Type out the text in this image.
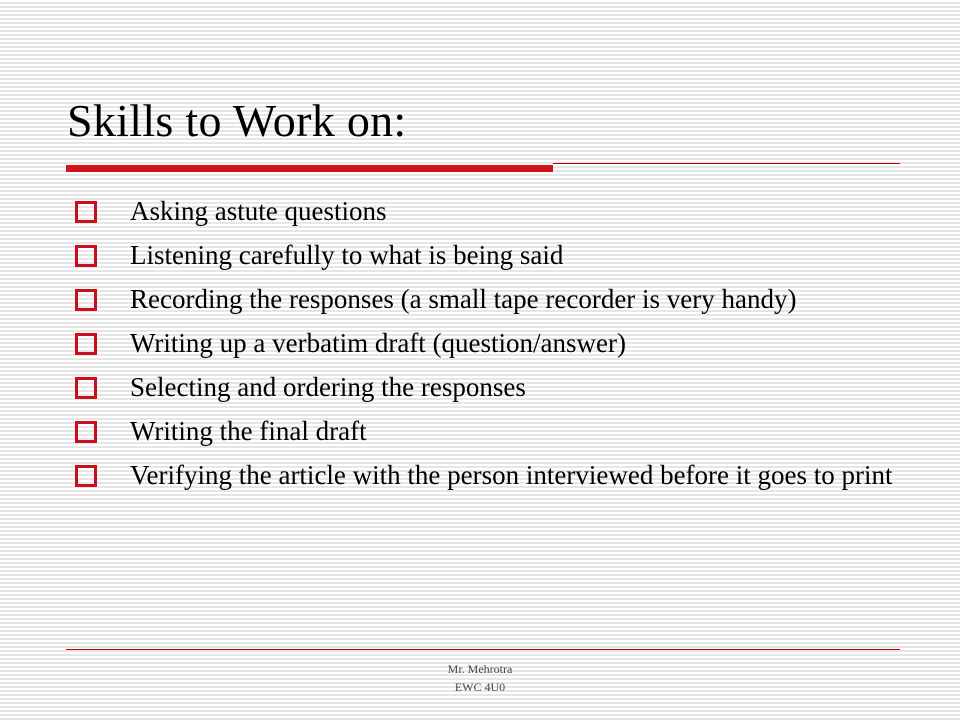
Skills to Work on:
Asking astute questions
Listening carefully to what is being said
Recording the responses (a small tape recorder is very handy)
Writing up a verbatim draft (question/answer)
Selecting and ordering the responses
Writing the final draft
Verifying the article with the person interviewed before it goes to print
Mr. Mehrotra
EWC 4U0
